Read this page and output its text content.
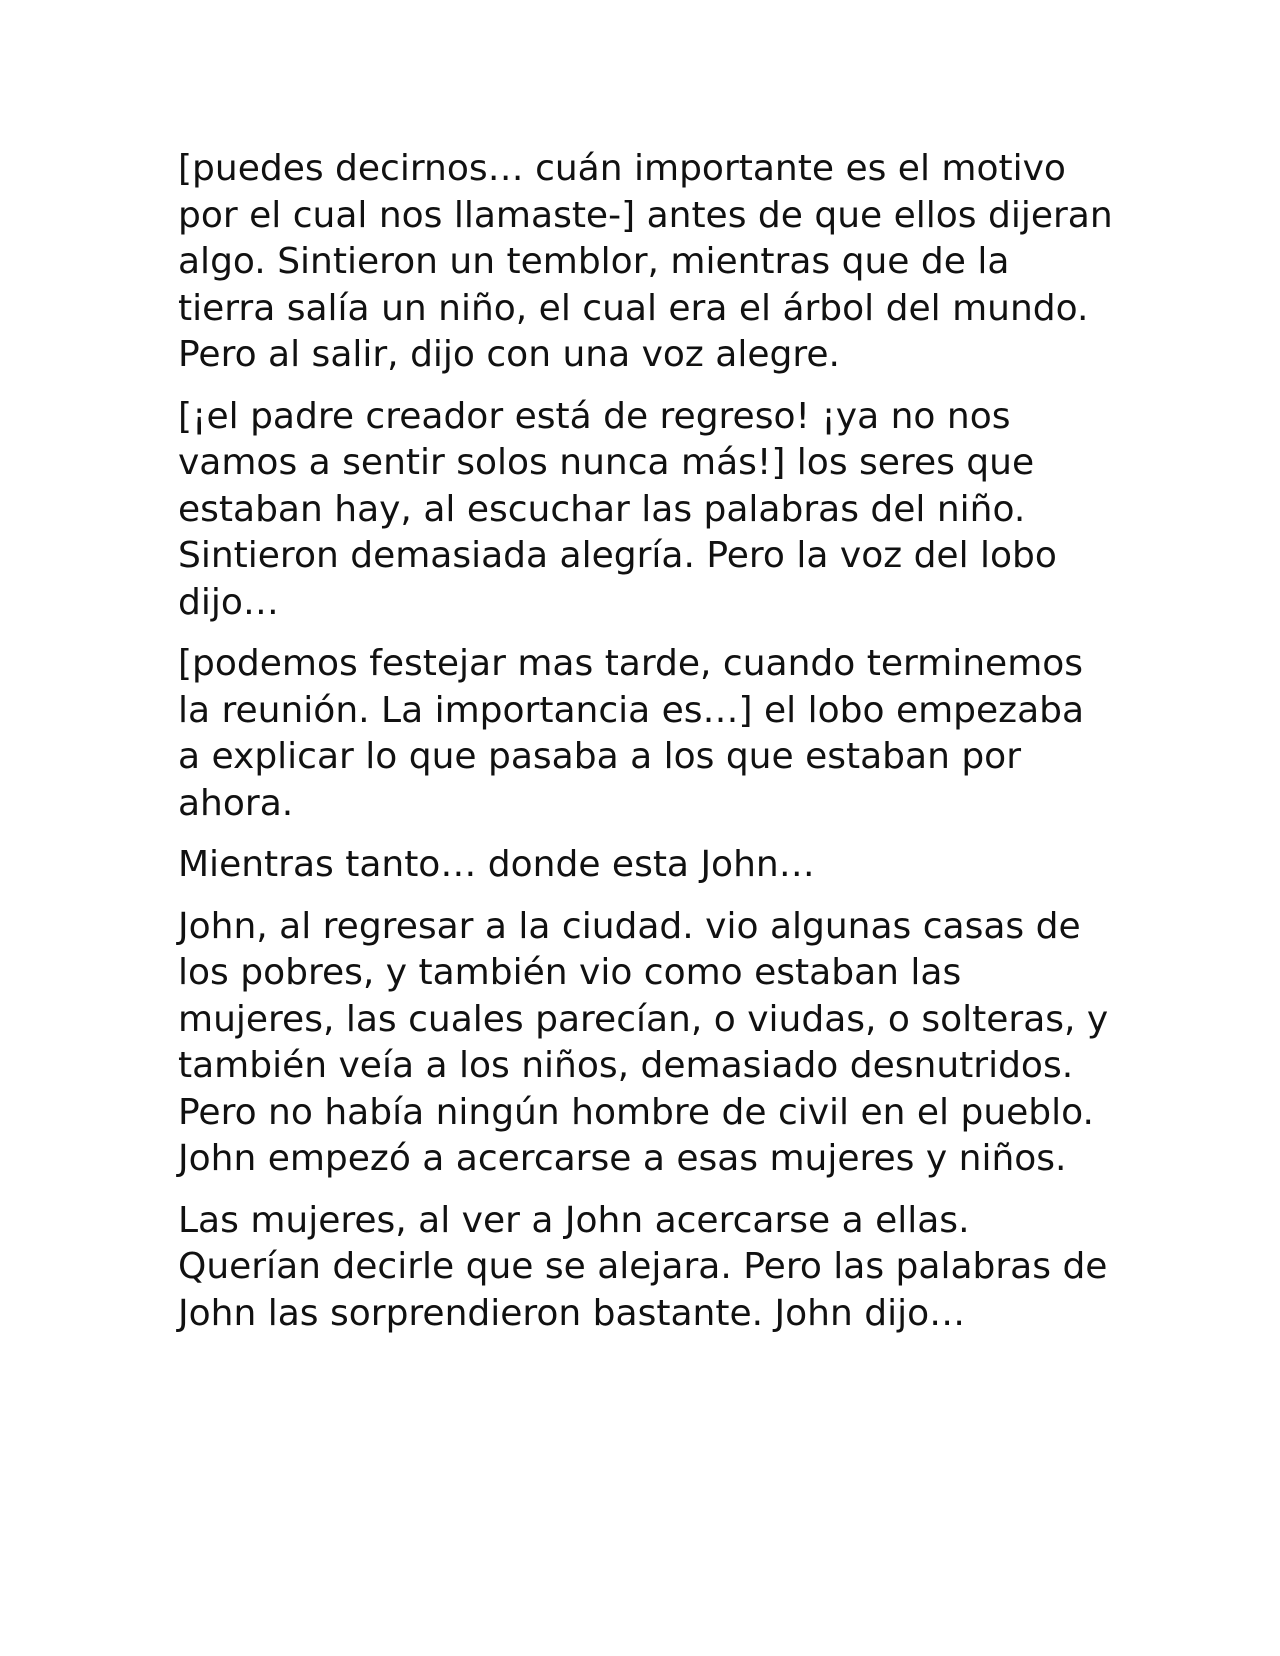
[puedes decirnos… cuán importante es el motivo por el cual nos llamaste-] antes de que ellos dijeran algo. Sintieron un temblor, mientras que de la tierra salía un niño, el cual era el árbol del mundo. Pero al salir, dijo con una voz alegre.

[¡el padre creador está de regreso! ¡ya no nos vamos a sentir solos nunca más!] los seres que estaban hay, al escuchar las palabras del niño. Sintieron demasiada alegría. Pero la voz del lobo dijo…

[podemos festejar mas tarde, cuando terminemos la reunión. La importancia es…] el lobo empezaba a explicar lo que pasaba a los que estaban por ahora.

Mientras tanto… donde esta John…

John, al regresar a la ciudad. vio algunas casas de los pobres, y también vio como estaban las mujeres, las cuales parecían, o viudas, o solteras, y también veía a los niños, demasiado desnutridos. Pero no había ningún hombre de civil en el pueblo. John empezó a acercarse a esas mujeres y niños.

Las mujeres, al ver a John acercarse a ellas. Querían decirle que se alejara. Pero las palabras de John las sorprendieron bastante. John dijo…
